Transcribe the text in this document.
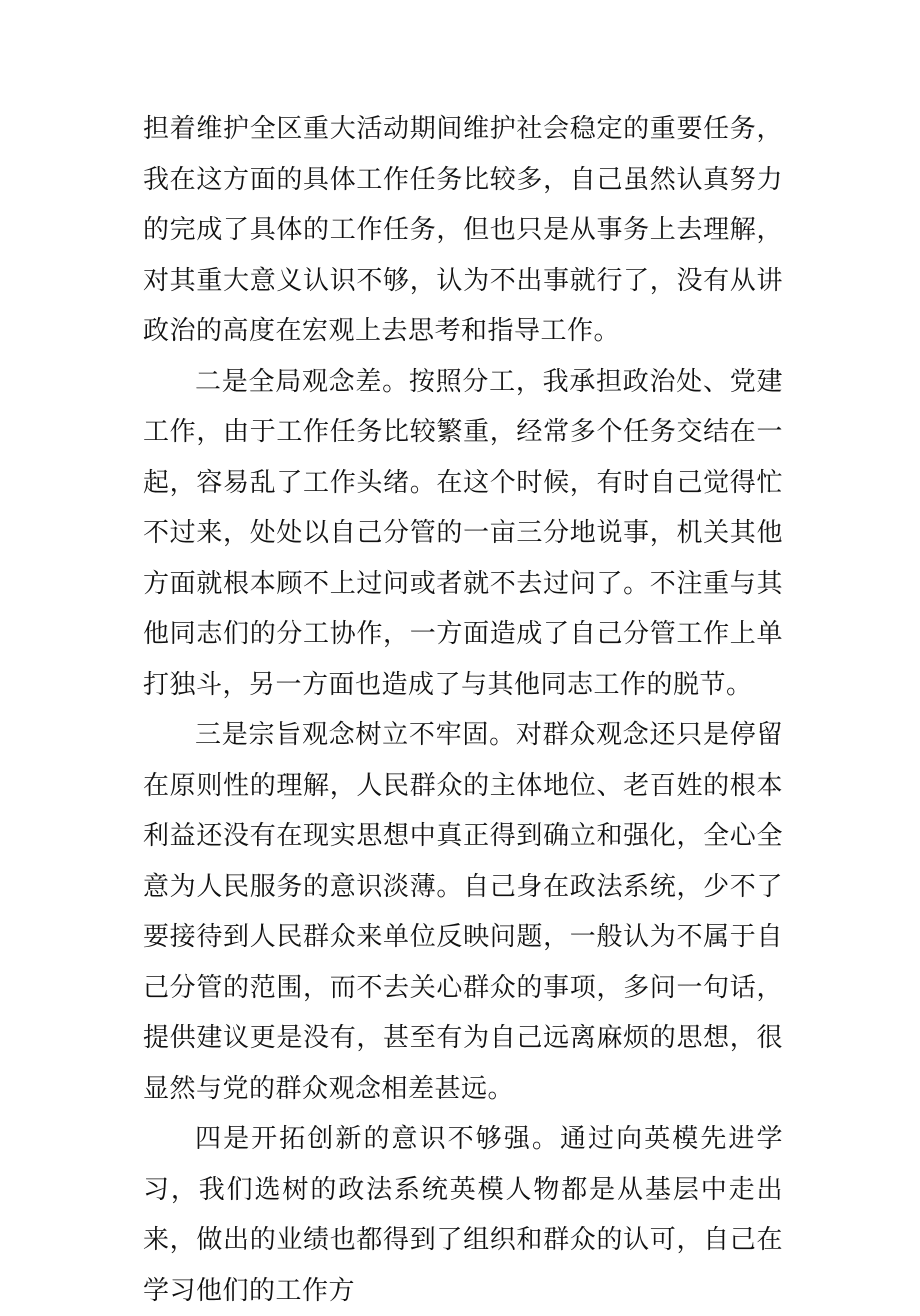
担着维护全区重大活动期间维护社会稳定的重要任务，我在这方面的具体工作任务比较多，自己虽然认真努力的完成了具体的工作任务，但也只是从事务上去理解，对其重大意义认识不够，认为不出事就行了，没有从讲政治的高度在宏观上去思考和指导工作。

二是全局观念差。按照分工，我承担政治处、党建工作，由于工作任务比较繁重，经常多个任务交结在一起，容易乱了工作头绪。在这个时候，有时自己觉得忙不过来，处处以自己分管的一亩三分地说事，机关其他方面就根本顾不上过问或者就不去过问了。不注重与其他同志们的分工协作，一方面造成了自己分管工作上单打独斗，另一方面也造成了与其他同志工作的脱节。

三是宗旨观念树立不牢固。对群众观念还只是停留在原则性的理解，人民群众的主体地位、老百姓的根本利益还没有在现实思想中真正得到确立和强化，全心全意为人民服务的意识淡薄。自己身在政法系统，少不了要接待到人民群众来单位反映问题，一般认为不属于自己分管的范围，而不去关心群众的事项，多问一句话，提供建议更是没有，甚至有为自己远离麻烦的思想，很显然与党的群众观念相差甚远。

四是开拓创新的意识不够强。通过向英模先进学习，我们选树的政法系统英模人物都是从基层中走出来，做出的业绩也都得到了组织和群众的认可，自己在学习他们的工作方
